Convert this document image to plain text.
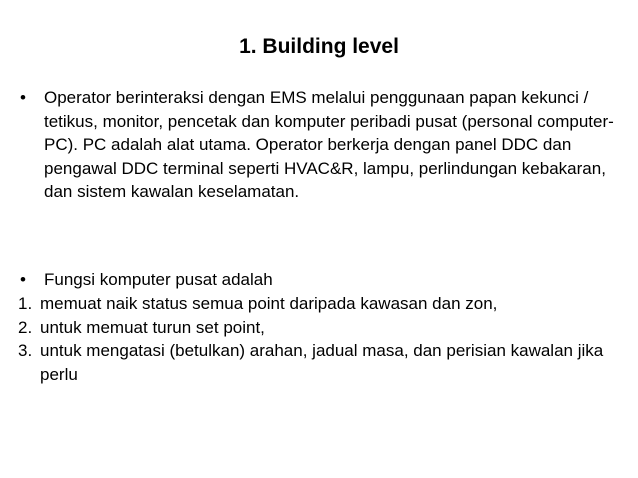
1. Building level
•	Operator berinteraksi dengan EMS melalui penggunaan papan kekunci / tetikus, monitor, pencetak dan komputer peribadi pusat (personal computer-PC). PC adalah alat utama. Operator berkerja dengan panel DDC dan pengawal DDC terminal seperti HVAC&R, lampu, perlindungan kebakaran, dan sistem kawalan keselamatan.
•	Fungsi komputer pusat adalah
1. memuat naik status semua point daripada kawasan dan zon,
2. untuk memuat turun set point,
3. untuk mengatasi (betulkan) arahan, jadual masa, dan perisian kawalan jika perlu
